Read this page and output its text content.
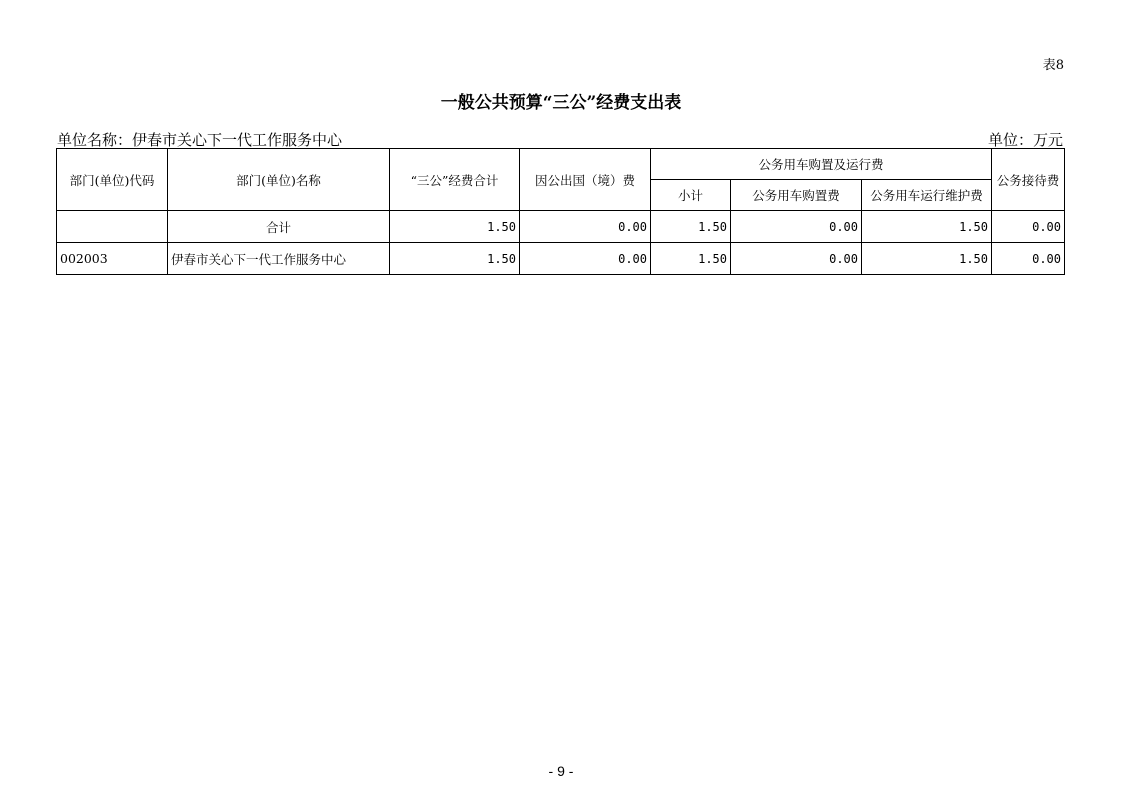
表8
一般公共预算“三公”经费支出表
单位名称：伊春市关心下一代工作服务中心	单位：万元
部门(单位)代码	部门(单位)名称	“三公”经费合计	因公出国（境）费	公务用车购置及运行费			公务接待费
				小计	公务用车购置费	公务用车运行维护费	
	合计	1.50	0.00	1.50	0.00	1.50	0.00
002003	伊春市关心下一代工作服务中心	1.50	0.00	1.50	0.00	1.50	0.00
- 9 -
